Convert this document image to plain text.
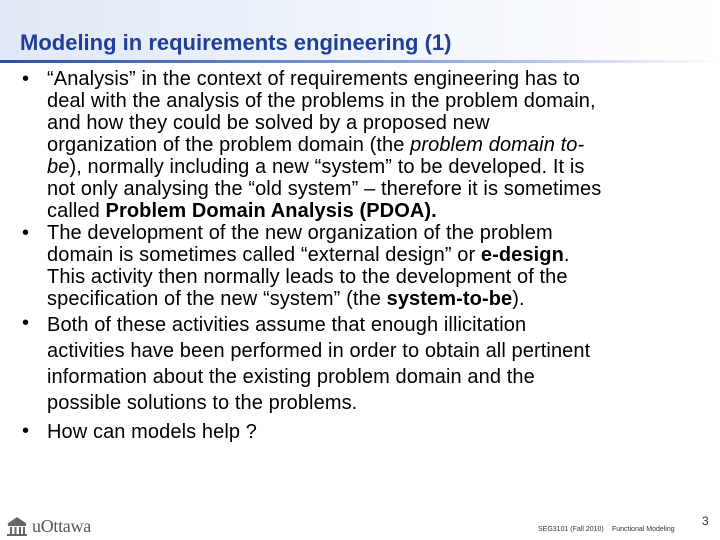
Modeling in requirements engineering (1)
• “Analysis” in the context of requirements engineering has to
deal with the analysis of the problems in the problem domain,
and how they could be solved by a proposed new
organization of the problem domain (the problem domain to-
be), normally including a new “system” to be developed. It is
not only analysing the “old system” – therefore it is sometimes
called Problem Domain Analysis (PDOA).
• The development of the new organization of the problem
domain is sometimes called “external design” or e-design.
This activity then normally leads to the development of the
specification of the new “system” (the system-to-be).
• Both of these activities assume that enough illicitation
activities have been performed in order to obtain all pertinent
information about the existing problem domain and the
possible solutions to the problems.
• How can models help ?
uOttawa	SEG3101 (Fall 2010) Functional Modeling
3
